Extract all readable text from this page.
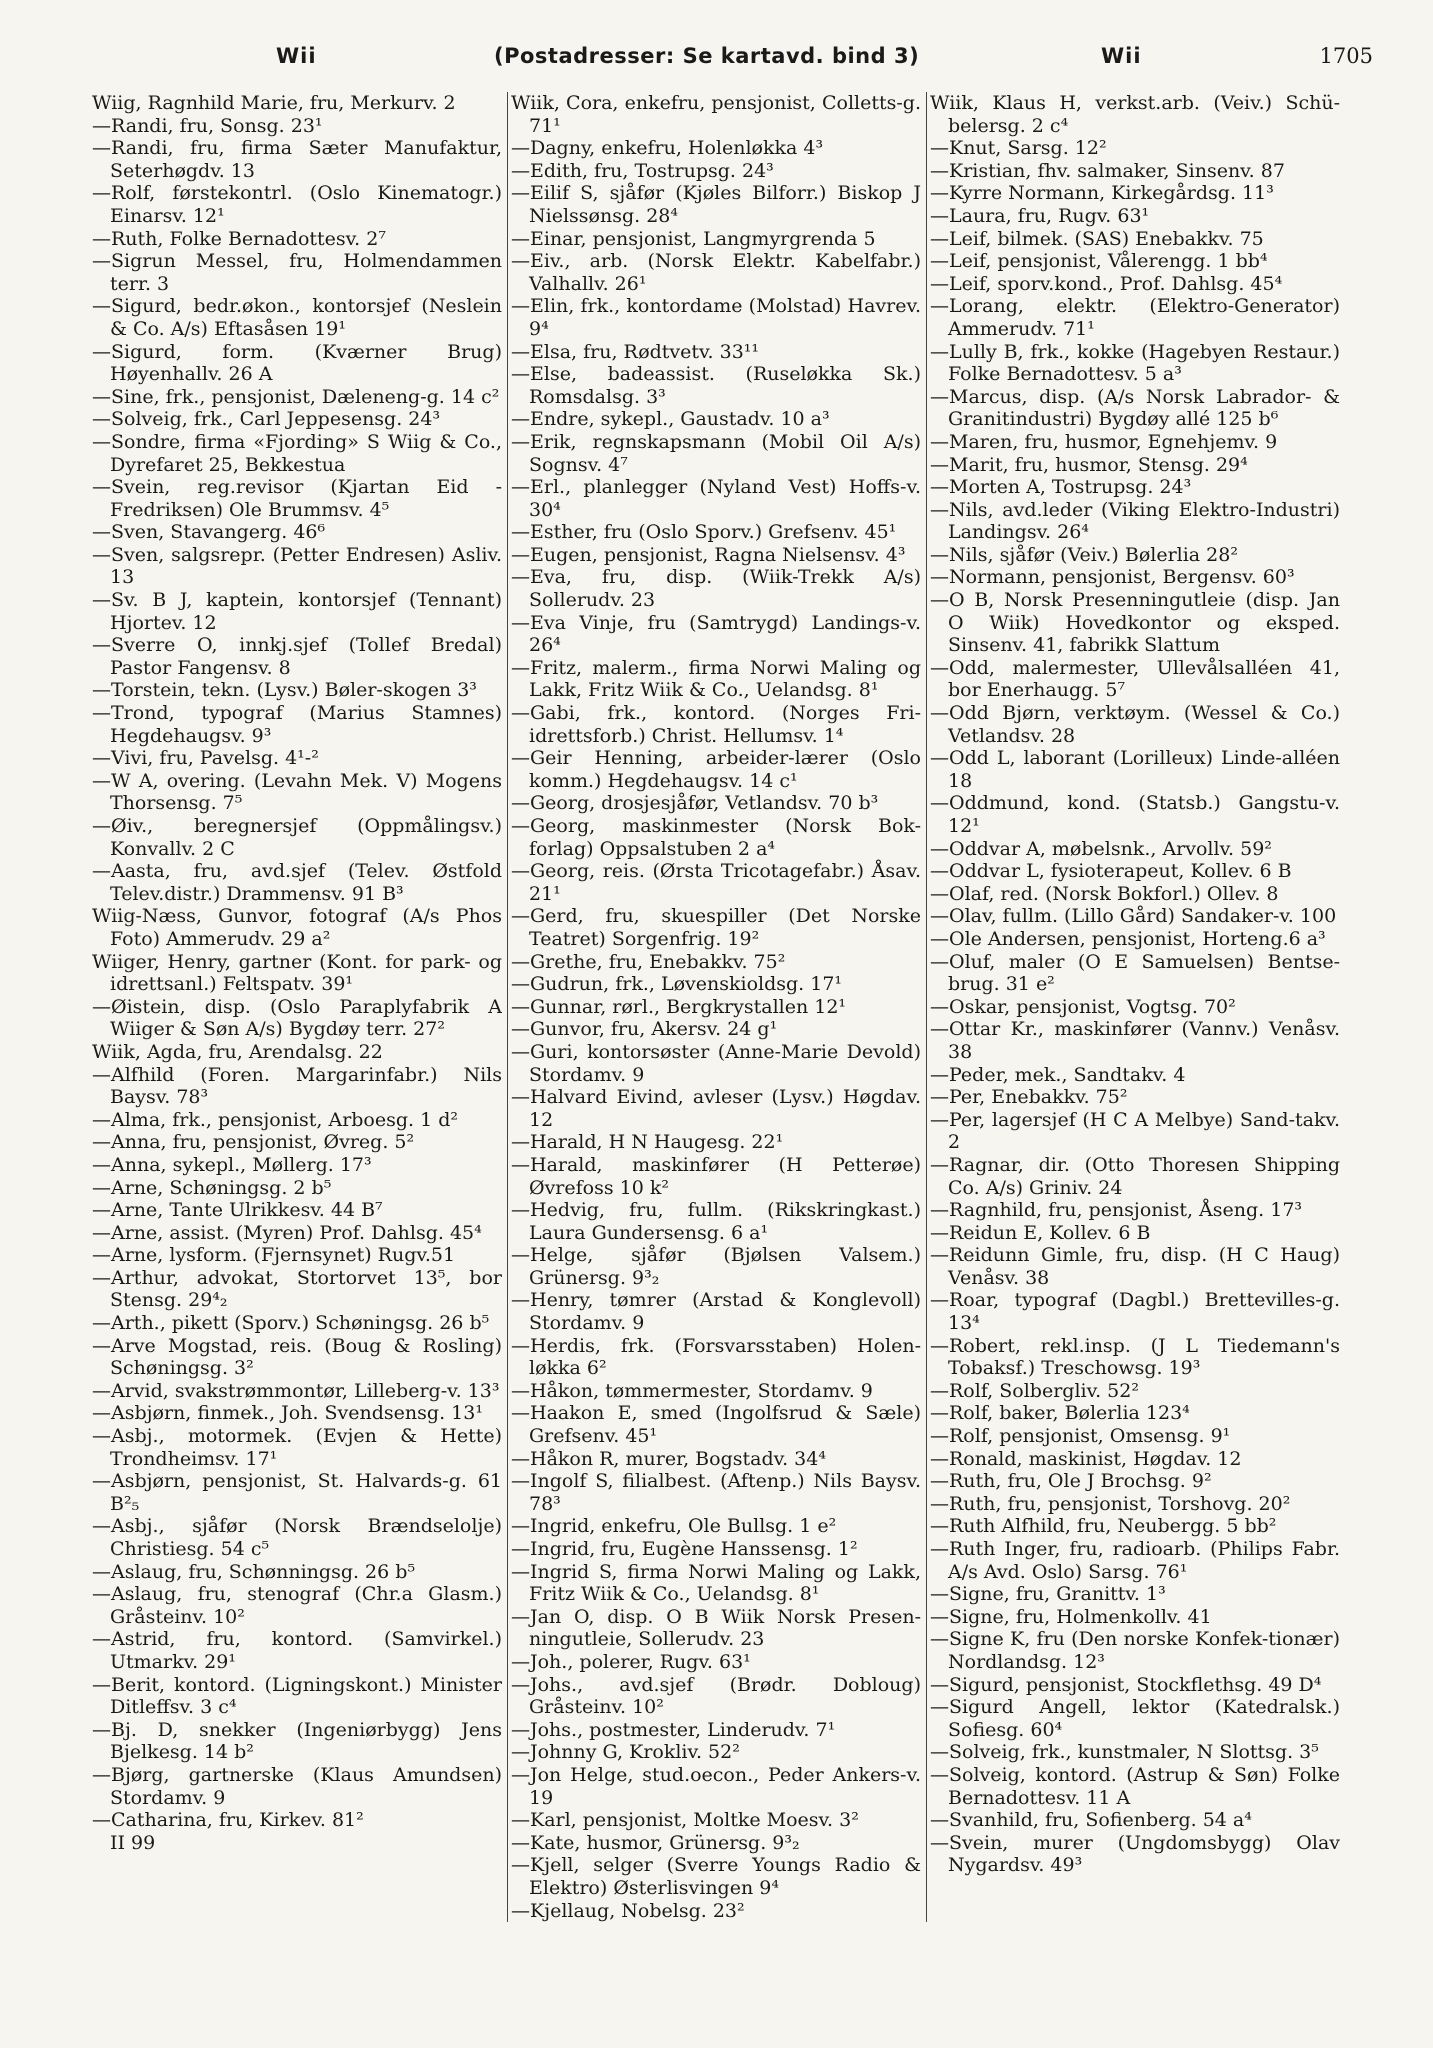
Wii	(Postadresser: Se kartavd. bind 3)	Wii	1705

Wiig, Ragnhild Marie, fru, Merkurv. 2

—Randi, fru, Sonsg. 23¹

—Randi, fru, firma Sæter Manufaktur, Seterhøgdv. 13

—Rolf, førstekontrl. (Oslo Kinematogr.) Einarsv. 12¹

—Ruth, Folke Bernadottesv. 2⁷

—Sigrun Messel, fru, Holmendammen terr. 3

—Sigurd, bedr.økon., kontorsjef (Neslein & Co. A/s) Eftasåsen 19¹

—Sigurd, form. (Kværner Brug) Høyenhallv. 26 A

—Sine, frk., pensjonist, Dæleneng-g. 14 c²

—Solveig, frk., Carl Jeppesensg. 24³

—Sondre, firma «Fjording» S Wiig & Co., Dyrefaret 25, Bekkestua

—Svein, reg.revisor (Kjartan Eid - Fredriksen) Ole Brummsv. 4⁵

—Sven, Stavangerg. 46⁶

—Sven, salgsrepr. (Petter Endresen) Asliv. 13

—Sv. B J, kaptein, kontorsjef (Tennant) Hjortev. 12

—Sverre O, innkj.sjef (Tollef Bredal) Pastor Fangensv. 8

—Torstein, tekn. (Lysv.) Bøler-skogen 3³

—Trond, typograf (Marius Stamnes) Hegdehaugsv. 9³

—Vivi, fru, Pavelsg. 4¹-²

—W A, overing. (Levahn Mek. V) Mogens Thorsensg. 7⁵

—Øiv., beregnersjef (Oppmålingsv.) Konvallv. 2 C

—Aasta, fru, avd.sjef (Telev. Østfold Telev.distr.) Drammensv. 91 B³

Wiig-Næss, Gunvor, fotograf (A/s Phos Foto) Ammerudv. 29 a²

Wiiger, Henry, gartner (Kont. for park- og idrettsanl.) Feltspatv. 39¹

—Øistein, disp. (Oslo Paraplyfabrik A Wiiger & Søn A/s) Bygdøy terr. 27²

Wiik, Agda, fru, Arendalsg. 22

—Alfhild (Foren. Margarinfabr.) Nils Baysv. 78³

—Alma, frk., pensjonist, Arboesg. 1 d²

—Anna, fru, pensjonist, Øvreg. 5²

—Anna, sykepl., Møllerg. 17³

—Arne, Schøningsg. 2 b⁵

—Arne, Tante Ulrikkesv. 44 B⁷

—Arne, assist. (Myren) Prof. Dahlsg. 45⁴

—Arne, lysform. (Fjernsynet) Rugv.51

—Arthur, advokat, Stortorvet 13⁵, bor Stensg. 29⁴₂

—Arth., pikett (Sporv.) Schøningsg. 26 b⁵

—Arve Mogstad, reis. (Boug & Rosling) Schøningsg. 3²

—Arvid, svakstrømmontør, Lilleberg-v. 13³

—Asbjørn, finmek., Joh. Svendsensg. 13¹

—Asbj., motormek. (Evjen & Hette) Trondheimsv. 17¹

—Asbjørn, pensjonist, St. Halvards-g. 61 B²₅

—Asbj., sjåfør (Norsk Brændselolje) Christiesg. 54 c⁵

—Aslaug, fru, Schønningsg. 26 b⁵

—Aslaug, fru, stenograf (Chr.a Glasm.) Gråsteinv. 10²

—Astrid, fru, kontord. (Samvirkel.) Utmarkv. 29¹

—Berit, kontord. (Ligningskont.) Minister Ditleffsv. 3 c⁴

—Bj. D, snekker (Ingeniørbygg) Jens Bjelkesg. 14 b²

—Bjørg, gartnerske (Klaus Amundsen) Stordamv. 9

—Catharina, fru, Kirkev. 81²

II 99

Wiik, Cora, enkefru, pensjonist, Colletts-g. 71¹

—Dagny, enkefru, Holenløkka 4³

—Edith, fru, Tostrupsg. 24³

—Eilif S, sjåfør (Kjøles Bilforr.) Biskop J Nielssønsg. 28⁴

—Einar, pensjonist, Langmyrgrenda 5

—Eiv., arb. (Norsk Elektr. Kabelfabr.) Valhallv. 26¹

—Elin, frk., kontordame (Molstad) Havrev. 9⁴

—Elsa, fru, Rødtvetv. 33¹¹

—Else, badeassist. (Ruseløkka Sk.) Romsdalsg. 3³

—Endre, sykepl., Gaustadv. 10 a³

—Erik, regnskapsmann (Mobil Oil A/s) Sognsv. 4⁷

—Erl., planlegger (Nyland Vest) Hoffs-v. 30⁴

—Esther, fru (Oslo Sporv.) Grefsenv. 45¹

—Eugen, pensjonist, Ragna Nielsensv. 4³

—Eva, fru, disp. (Wiik-Trekk A/s) Sollerudv. 23

—Eva Vinje, fru (Samtrygd) Landings-v. 26⁴

—Fritz, malerm., firma Norwi Maling og Lakk, Fritz Wiik & Co., Uelandsg. 8¹

—Gabi, frk., kontord. (Norges Fri-idrettsforb.) Christ. Hellumsv. 1⁴

—Geir Henning, arbeider-lærer (Oslo komm.) Hegdehaugsv. 14 c¹

—Georg, drosjesjåfør, Vetlandsv. 70 b³

—Georg, maskinmester (Norsk Bok-forlag) Oppsalstuben 2 a⁴

—Georg, reis. (Ørsta Tricotagefabr.) Åsav. 21¹

—Gerd, fru, skuespiller (Det Norske Teatret) Sorgenfrig. 19²

—Grethe, fru, Enebakkv. 75²

—Gudrun, frk., Løvenskioldsg. 17¹

—Gunnar, rørl., Bergkrystallen 12¹

—Gunvor, fru, Akersv. 24 g¹

—Guri, kontorsøster (Anne-Marie Devold) Stordamv. 9

—Halvard Eivind, avleser (Lysv.) Høgdav. 12

—Harald, H N Haugesg. 22¹

—Harald, maskinfører (H Petterøe) Øvrefoss 10 k²

—Hedvig, fru, fullm. (Rikskringkast.) Laura Gundersensg. 6 a¹

—Helge, sjåfør (Bjølsen Valsem.) Grünersg. 9³₂

—Henry, tømrer (Arstad & Konglevoll) Stordamv. 9

—Herdis, frk. (Forsvarsstaben) Holen-løkka 6²

—Håkon, tømmermester, Stordamv. 9

—Haakon E, smed (Ingolfsrud & Sæle) Grefsenv. 45¹

—Håkon R, murer, Bogstadv. 34⁴

—Ingolf S, filialbest. (Aftenp.) Nils Baysv. 78³

—Ingrid, enkefru, Ole Bullsg. 1 e²

—Ingrid, fru, Eugène Hanssensg. 1²

—Ingrid S, firma Norwi Maling og Lakk, Fritz Wiik & Co., Uelandsg. 8¹

—Jan O, disp. O B Wiik Norsk Presen-ningutleie, Sollerudv. 23

—Joh., polerer, Rugv. 63¹

—Johs., avd.sjef (Brødr. Dobloug) Gråsteinv. 10²

—Johs., postmester, Linderudv. 7¹

—Johnny G, Krokliv. 52²

—Jon Helge, stud.oecon., Peder Ankers-v. 19

—Karl, pensjonist, Moltke Moesv. 3²

—Kate, husmor, Grünersg. 9³₂

—Kjell, selger (Sverre Youngs Radio & Elektro) Østerlisvingen 9⁴

—Kjellaug, Nobelsg. 23²

Wiik, Klaus H, verkst.arb. (Veiv.) Schü-belersg. 2 c⁴

—Knut, Sarsg. 12²

—Kristian, fhv. salmaker, Sinsenv. 87

—Kyrre Normann, Kirkegårdsg. 11³

—Laura, fru, Rugv. 63¹

—Leif, bilmek. (SAS) Enebakkv. 75

—Leif, pensjonist, Vålerengg. 1 bb⁴

—Leif, sporv.kond., Prof. Dahlsg. 45⁴

—Lorang, elektr. (Elektro-Generator) Ammerudv. 71¹

—Lully B, frk., kokke (Hagebyen Restaur.) Folke Bernadottesv. 5 a³

—Marcus, disp. (A/s Norsk Labrador- & Granitindustri) Bygdøy allé 125 b⁶

—Maren, fru, husmor, Egnehjemv. 9

—Marit, fru, husmor, Stensg. 29⁴

—Morten A, Tostrupsg. 24³

—Nils, avd.leder (Viking Elektro-Industri) Landingsv. 26⁴

—Nils, sjåfør (Veiv.) Bølerlia 28²

—Normann, pensjonist, Bergensv. 60³

—O B, Norsk Presenningutleie (disp. Jan O Wiik) Hovedkontor og eksped. Sinsenv. 41, fabrikk Slattum

—Odd, malermester, Ullevålsalléen 41, bor Enerhaugg. 5⁷

—Odd Bjørn, verktøym. (Wessel & Co.) Vetlandsv. 28

—Odd L, laborant (Lorilleux) Linde-alléen 18

—Oddmund, kond. (Statsb.) Gangstu-v. 12¹

—Oddvar A, møbelsnk., Arvollv. 59²

—Oddvar L, fysioterapeut, Kollev. 6 B

—Olaf, red. (Norsk Bokforl.) Ollev. 8

—Olav, fullm. (Lillo Gård) Sandaker-v. 100

—Ole Andersen, pensjonist, Horteng.6 a³

—Oluf, maler (O E Samuelsen) Bentse-brug. 31 e²

—Oskar, pensjonist, Vogtsg. 70²

—Ottar Kr., maskinfører (Vannv.) Venåsv. 38

—Peder, mek., Sandtakv. 4

—Per, Enebakkv. 75²

—Per, lagersjef (H C A Melbye) Sand-takv. 2

—Ragnar, dir. (Otto Thoresen Shipping Co. A/s) Griniv. 24

—Ragnhild, fru, pensjonist, Åseng. 17³

—Reidun E, Kollev. 6 B

—Reidunn Gimle, fru, disp. (H C Haug) Venåsv. 38

—Roar, typograf (Dagbl.) Brettevilles-g. 13⁴

—Robert, rekl.insp. (J L Tiedemann's Tobaksf.) Treschowsg. 19³

—Rolf, Solbergliv. 52²

—Rolf, baker, Bølerlia 123⁴

—Rolf, pensjonist, Omsensg. 9¹

—Ronald, maskinist, Høgdav. 12

—Ruth, fru, Ole J Brochsg. 9²

—Ruth, fru, pensjonist, Torshovg. 20²

—Ruth Alfhild, fru, Neubergg. 5 bb²

—Ruth Inger, fru, radioarb. (Philips Fabr. A/s Avd. Oslo) Sarsg. 76¹

—Signe, fru, Granittv. 1³

—Signe, fru, Holmenkollv. 41

—Signe K, fru (Den norske Konfek-tionær) Nordlandsg. 12³

—Sigurd, pensjonist, Stockflethsg. 49 D⁴

—Sigurd Angell, lektor (Katedralsk.) Sofiesg. 60⁴

—Solveig, frk., kunstmaler, N Slottsg. 3⁵

—Solveig, kontord. (Astrup & Søn) Folke Bernadottesv. 11 A

—Svanhild, fru, Sofienberg. 54 a⁴

—Svein, murer (Ungdomsbygg) Olav Nygardsv. 49³
